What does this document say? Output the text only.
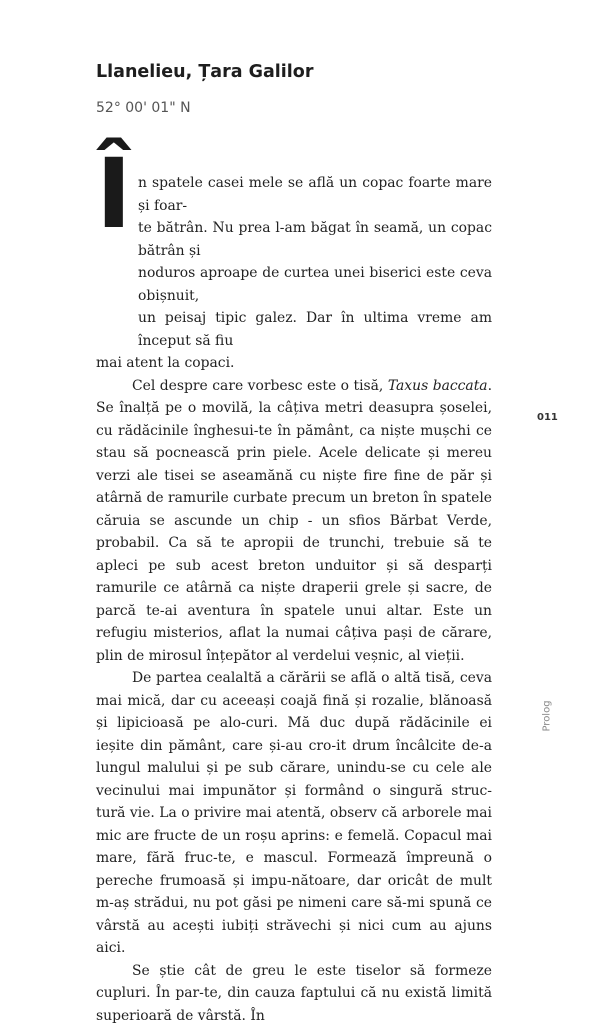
Llanelieu, Țara Galilor
52° 00' 01" N
Î n spatele casei mele se află un copac foarte mare și foar-
te bătrân. Nu prea l-am băgat în seamă, un copac bătrân și
noduros aproape de curtea unei biserici este ceva obișnuit,
un peisaj tipic galez. Dar în ultima vreme am început să fiu
mai atent la copaci.

Cel despre care vorbesc este o tisă, Taxus baccata. Se înalță pe o movilă, la câțiva metri deasupra șoselei, cu rădăcinile înghesui-te în pământ, ca niște mușchi ce stau să pocnească prin piele. Acele delicate și mereu verzi ale tisei se aseamănă cu niște fire fine de păr și atârnă de ramurile curbate precum un breton în spatele căruia se ascunde un chip - un sfios Bărbat Verde, probabil. Ca să te apropii de trunchi, trebuie să te apleci pe sub acest breton unduitor și să desparți ramurile ce atârnă ca niște draperii grele și sacre, de parcă te-ai aventura în spatele unui altar. Este un refugiu misterios, aflat la numai câțiva pași de cărare, plin de mirosul înțepător al verdelui veșnic, al vieții.

De partea cealaltă a cărării se află o altă tisă, ceva mai mică, dar cu aceeași coajă fină și rozalie, blănoasă și lipicioasă pe alo-curi. Mă duc după rădăcinile ei ieșite din pământ, care și-au cro-it drum încâlcite de-a lungul malului și pe sub cărare, unindu-se cu cele ale vecinului mai impunător și formând o singură struc-tură vie. La o privire mai atentă, observ că arborele mai mic are fructe de un roșu aprins: e femelă. Copacul mai mare, fără fruc-te, e mascul. Formează împreună o pereche frumoasă și impu-nătoare, dar oricât de mult m-aș strădui, nu pot găsi pe nimeni care să-mi spună ce vârstă au acești iubiți străvechi și nici cum au ajuns aici.

Se știe cât de greu le este tiselor să formeze cupluri. În par-te, din cauza faptului că nu există limită superioară de vârstă. În

011
Prolog
